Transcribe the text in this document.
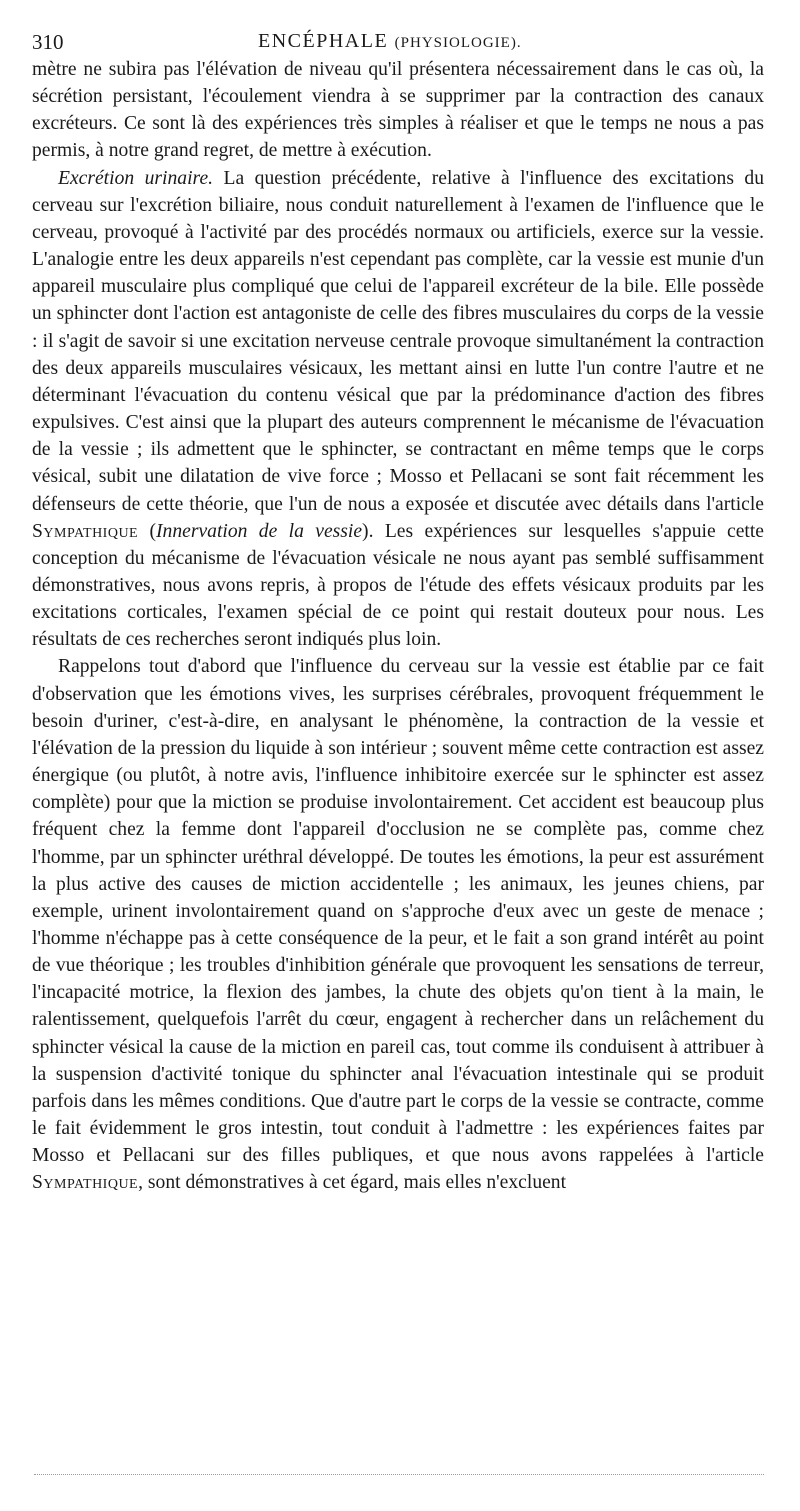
310	ENCÉPHALE (PHYSIOLOGIE).

mètre ne subira pas l'élévation de niveau qu'il présentera nécessairement dans le cas où, la sécrétion persistant, l'écoulement viendra à se supprimer par la contraction des canaux excréteurs. Ce sont là des expériences très simples à réaliser et que le temps ne nous a pas permis, à notre grand regret, de mettre à exécution.

Excrétion urinaire. La question précédente, relative à l'influence des excitations du cerveau sur l'excrétion biliaire, nous conduit naturellement à l'examen de l'influence que le cerveau, provoqué à l'activité par des procédés normaux ou artificiels, exerce sur la vessie. L'analogie entre les deux appareils n'est cependant pas complète, car la vessie est munie d'un appareil musculaire plus compliqué que celui de l'appareil excréteur de la bile. Elle possède un sphincter dont l'action est antagoniste de celle des fibres musculaires du corps de la vessie : il s'agit de savoir si une excitation nerveuse centrale provoque simultanément la contraction des deux appareils musculaires vésicaux, les mettant ainsi en lutte l'un contre l'autre et ne déterminant l'évacuation du contenu vésical que par la prédominance d'action des fibres expulsives. C'est ainsi que la plupart des auteurs comprennent le mécanisme de l'évacuation de la vessie ; ils admettent que le sphincter, se contractant en même temps que le corps vésical, subit une dilatation de vive force ; Mosso et Pellacani se sont fait récemment les défenseurs de cette théorie, que l'un de nous a exposée et discutée avec détails dans l'article Sympathique (Innervation de la vessie). Les expériences sur lesquelles s'appuie cette conception du mécanisme de l'évacuation vésicale ne nous ayant pas semblé suffisamment démonstratives, nous avons repris, à propos de l'étude des effets vésicaux produits par les excitations corticales, l'examen spécial de ce point qui restait douteux pour nous. Les résultats de ces recherches seront indiqués plus loin.

Rappelons tout d'abord que l'influence du cerveau sur la vessie est établie par ce fait d'observation que les émotions vives, les surprises cérébrales, provoquent fréquemment le besoin d'uriner, c'est-à-dire, en analysant le phénomène, la contraction de la vessie et l'élévation de la pression du liquide à son intérieur ; souvent même cette contraction est assez énergique (ou plutôt, à notre avis, l'influence inhibitoire exercée sur le sphincter est assez complète) pour que la miction se produise involontairement. Cet accident est beaucoup plus fréquent chez la femme dont l'appareil d'occlusion ne se complète pas, comme chez l'homme, par un sphincter uréthral développé. De toutes les émotions, la peur est assurément la plus active des causes de miction accidentelle ; les animaux, les jeunes chiens, par exemple, urinent involontairement quand on s'approche d'eux avec un geste de menace ; l'homme n'échappe pas à cette conséquence de la peur, et le fait a son grand intérêt au point de vue théorique ; les troubles d'inhibition générale que provoquent les sensations de terreur, l'incapacité motrice, la flexion des jambes, la chute des objets qu'on tient à la main, le ralentissement, quelquefois l'arrêt du cœur, engagent à rechercher dans un relâchement du sphincter vésical la cause de la miction en pareil cas, tout comme ils conduisent à attribuer à la suspension d'activité tonique du sphincter anal l'évacuation intestinale qui se produit parfois dans les mêmes conditions. Que d'autre part le corps de la vessie se contracte, comme le fait évidemment le gros intestin, tout conduit à l'admettre : les expériences faites par Mosso et Pellacani sur des filles publiques, et que nous avons rappelées à l'article Sympathique, sont démonstratives à cet égard, mais elles n'excluent
